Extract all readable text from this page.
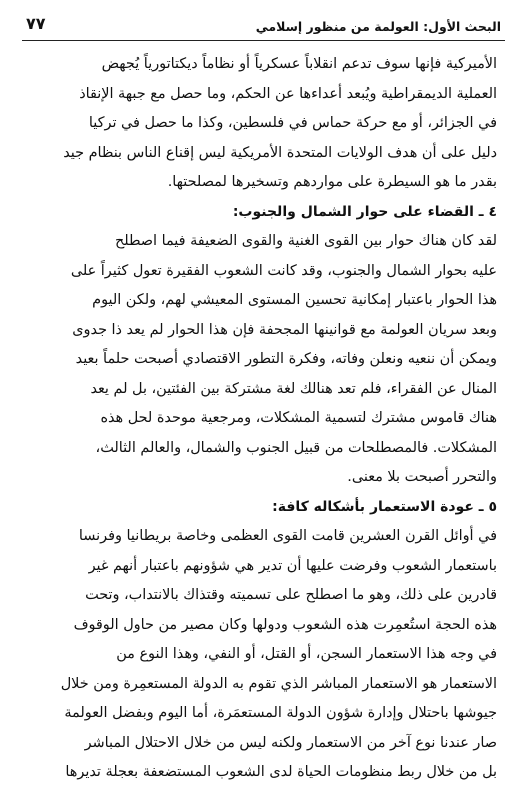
البحث الأول: العولمة من منظور إسلامي
٧٧

الأميركية فإنها سوف تدعم انقلاباً عسكرياً أو نظاماً ديكتاتورياً يُجهض
العملية الديمقراطية ويُبعد أعداءها عن الحكم، وما حصل مع جبهة الإنقاذ
في الجزائر، أو مع حركة حماس في فلسطين، وكذا ما حصل في تركيا
دليل على أن هدف الولايات المتحدة الأمريكية ليس إقناع الناس بنظام جيد
بقدر ما هو السيطرة على مواردهم وتسخيرها لمصلحتها.

٤ ـ القضاء على حوار الشمال والجنوب:

لقد كان هناك حوار بين القوى الغنية والقوى الضعيفة فيما اصطلح
عليه بحوار الشمال والجنوب، وقد كانت الشعوب الفقيرة تعول كثيراً على
هذا الحوار باعتبار إمكانية تحسين المستوى المعيشي لهم، ولكن اليوم
وبعد سريان العولمة مع قوانينها المجحفة فإن هذا الحوار لم يعد ذا جدوى
ويمكن أن ننعيه ونعلن وفاته، وفكرة التطور الاقتصادي أصبحت حلماً بعيد
المنال عن الفقراء، فلم تعد هنالك لغة مشتركة بين الفئتين، بل لم يعد
هناك قاموس مشترك لتسمية المشكلات، ومرجعية موحدة لحل هذه
المشكلات. فالمصطلحات من قبيل الجنوب والشمال، والعالم الثالث،
والتحرر أصبحت بلا معنى.

٥ ـ عودة الاستعمار بأشكاله كافة:

في أوائل القرن العشرين قامت القوى العظمى وخاصة بريطانيا وفرنسا
باستعمار الشعوب وفرضت عليها أن تدير هي شؤونهم باعتبار أنهم غير
قادرين على ذلك، وهو ما اصطلح على تسميته وقتذاك بالانتداب، وتحت
هذه الحجة استُعمِرت هذه الشعوب ودولها وكان مصير من حاول الوقوف
في وجه هذا الاستعمار السجن، أو القتل، أو النفي، وهذا النوع من
الاستعمار هو الاستعمار المباشر الذي تقوم به الدولة المستعمِرة ومن خلال
جيوشها باحتلال وإدارة شؤون الدولة المستعمَرة، أما اليوم وبفضل العولمة
صار عندنا نوع آخر من الاستعمار ولكنه ليس من خلال الاحتلال المباشر
بل من خلال ربط منظومات الحياة لدى الشعوب المستضعفة بعجلة تديرها
